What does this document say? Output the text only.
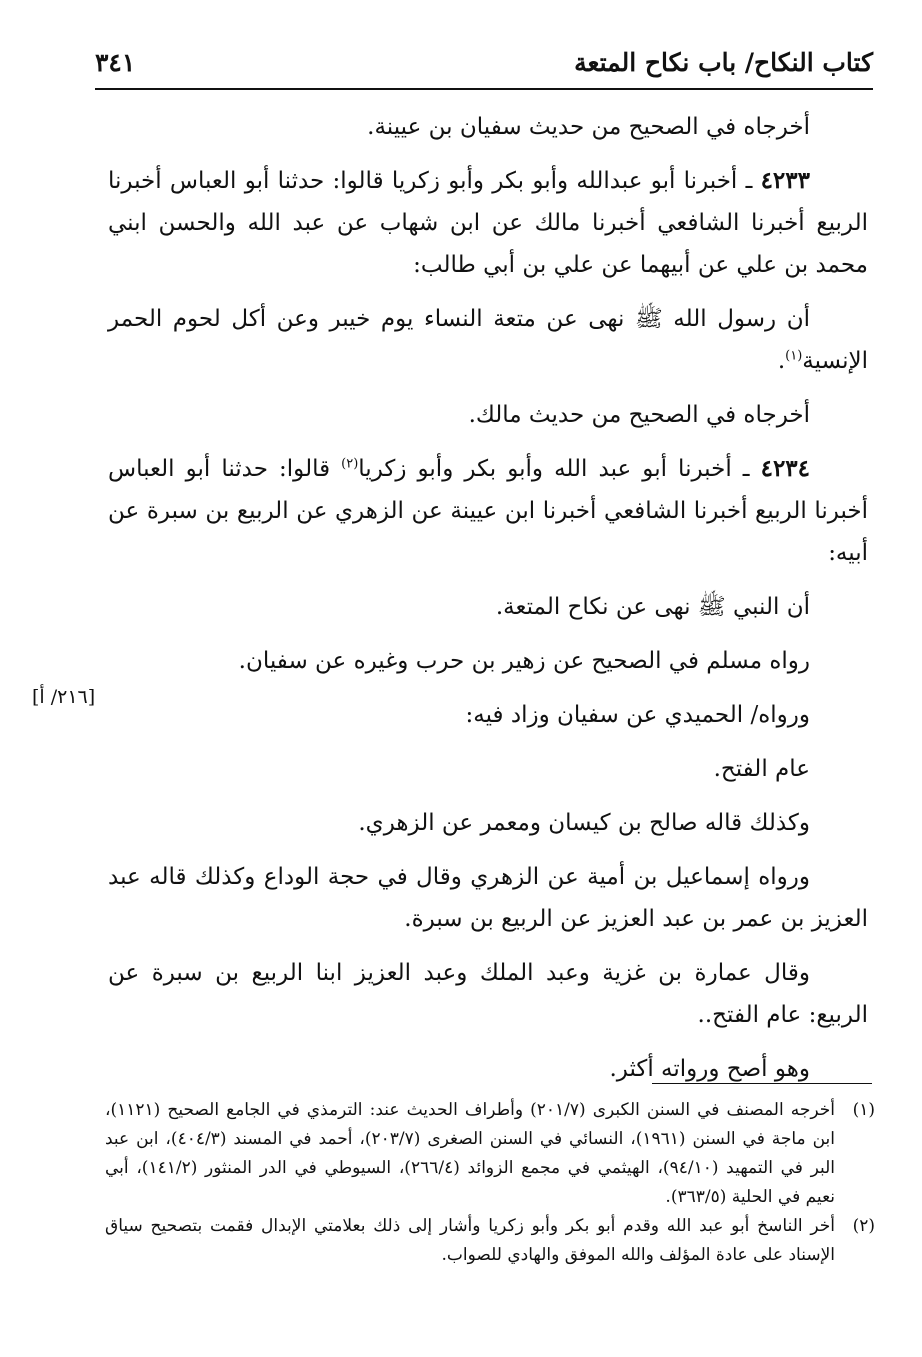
كتاب النكاح/ باب نكاح المتعة
٣٤١

أخرجاه في الصحيح من حديث سفيان بن عيينة.

٤٢٣٣ ـ أخبرنا أبو عبدالله وأبو بكر وأبو زكريا قالوا: حدثنا أبو العباس أخبرنا الربيع أخبرنا الشافعي أخبرنا مالك عن ابن شهاب عن عبد الله والحسن ابني محمد بن علي عن أبيهما عن علي بن أبي طالب:

أن رسول الله ﷺ نهى عن متعة النساء يوم خيبر وعن أكل لحوم الحمر الإنسية$^{(١)}$.

أخرجاه في الصحيح من حديث مالك.

٤٢٣٤ ـ أخبرنا أبو عبد الله وأبو بكر وأبو زكريا$^{(٢)}$ قالوا: حدثنا أبو العباس أخبرنا الربيع أخبرنا الشافعي أخبرنا ابن عيينة عن الزهري عن الربيع بن سبرة عن أبيه:

أن النبي ﷺ نهى عن نكاح المتعة.

رواه مسلم في الصحيح عن زهير بن حرب وغيره عن سفيان.

ورواه/ الحميدي عن سفيان وزاد فيه:

عام الفتح.

وكذلك قاله صالح بن كيسان ومعمر عن الزهري.

ورواه إسماعيل بن أمية عن الزهري وقال في حجة الوداع وكذلك قاله عبد العزيز بن عمر بن عبد العزيز عن الربيع بن سبرة.

وقال عمارة بن غزية وعبد الملك وعبد العزيز ابنا الربيع بن سبرة عن الربيع: عام الفتح..

وهو أصح ورواته أكثر.

[٢١٦/ أ]
(١)
أخرجه المصنف في السنن الكبرى (٢٠١/٧) وأطراف الحديث عند: الترمذي في الجامع الصحيح (١١٢١)، ابن ماجة في السنن (١٩٦١)، النسائي في السنن الصغرى (٢٠٣/٧)، أحمد في المسند (٤٠٤/٣)، ابن عبد البر في التمهيد (٩٤/١٠)، الهيثمي في مجمع الزوائد (٢٦٦/٤)، السيوطي في الدر المنثور (١٤١/٢)، أبي نعيم في الحلية (٣٦٣/٥).
(٢)
أخر الناسخ أبو عبد الله وقدم أبو بكر وأبو زكريا وأشار إلى ذلك بعلامتي الإبدال فقمت بتصحيح سياق الإسناد على عادة المؤلف والله الموفق والهادي للصواب.
